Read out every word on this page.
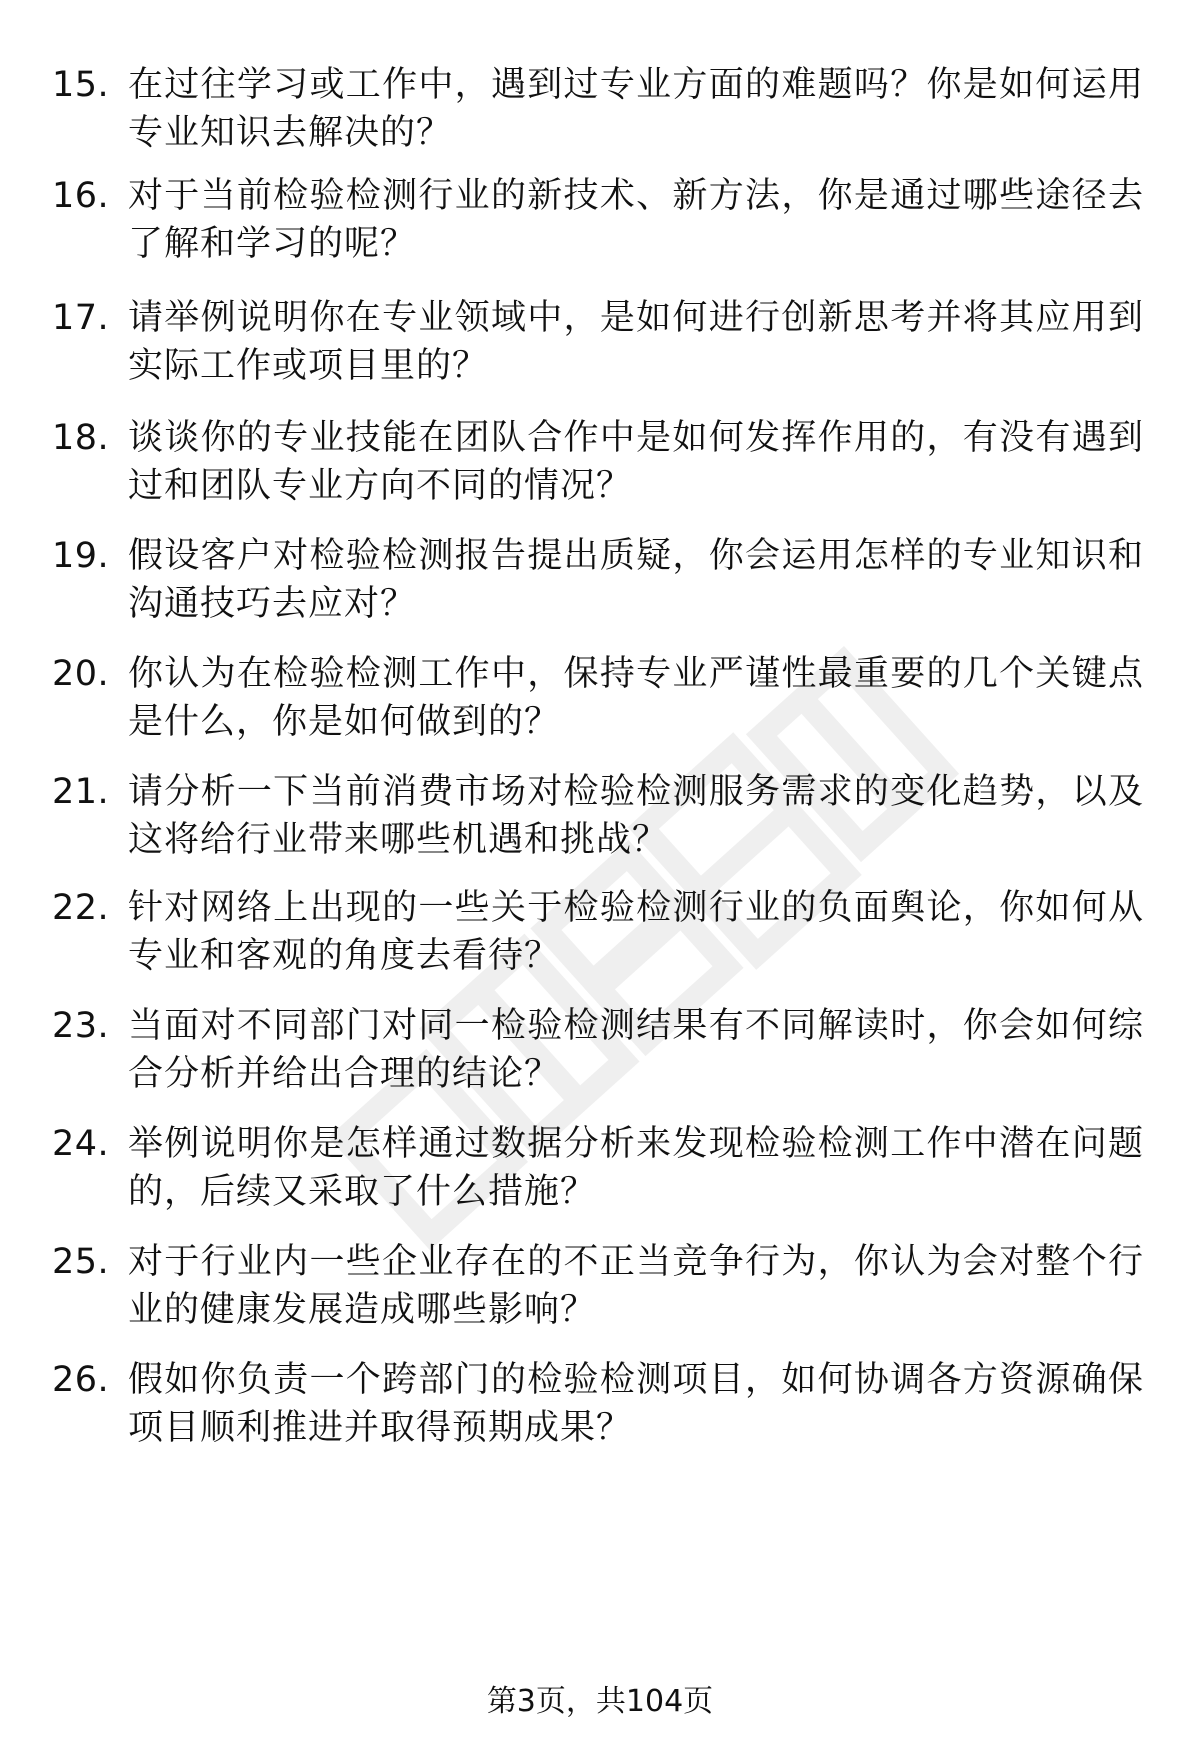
15. 在过往学习或工作中，遇到过专业方面的难题吗？你是如何运用专业知识去解决的？
16. 对于当前检验检测行业的新技术、新方法，你是通过哪些途径去了解和学习的呢？
17. 请举例说明你在专业领域中，是如何进行创新思考并将其应用到实际工作或项目里的？
18. 谈谈你的专业技能在团队合作中是如何发挥作用的，有没有遇到过和团队专业方向不同的情况？
19. 假设客户对检验检测报告提出质疑，你会运用怎样的专业知识和沟通技巧去应对？
20. 你认为在检验检测工作中，保持专业严谨性最重要的几个关键点是什么，你是如何做到的？
21. 请分析一下当前消费市场对检验检测服务需求的变化趋势，以及这将给行业带来哪些机遇和挑战？
22. 针对网络上出现的一些关于检验检测行业的负面舆论，你如何从专业和客观的角度去看待？
23. 当面对不同部门对同一检验检测结果有不同解读时，你会如何综合分析并给出合理的结论？
24. 举例说明你是怎样通过数据分析来发现检验检测工作中潜在问题的，后续又采取了什么措施？
25. 对于行业内一些企业存在的不正当竞争行为，你认为会对整个行业的健康发展造成哪些影响？
26. 假如你负责一个跨部门的检验检测项目，如何协调各方资源确保项目顺利推进并取得预期成果？
第3页，共104页
